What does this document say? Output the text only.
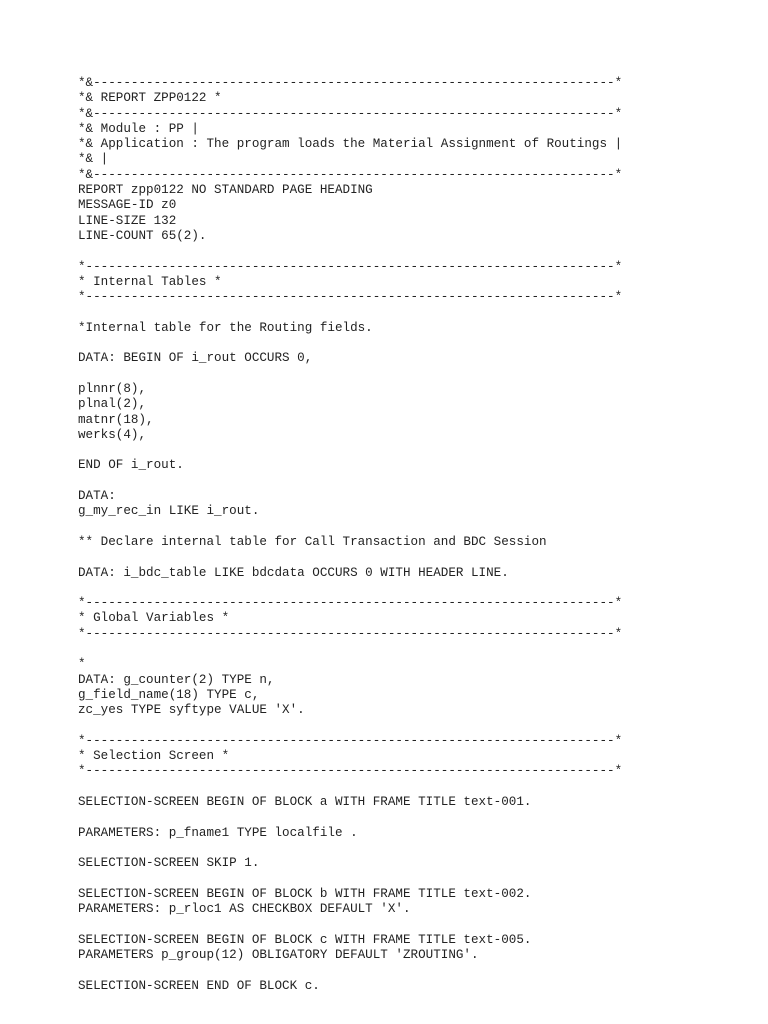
*&---------------------------------------------------------------------*
*& REPORT ZPP0122 *
*&---------------------------------------------------------------------*
*& Module : PP |
*& Application : The program loads the Material Assignment of Routings |
*& |
*&---------------------------------------------------------------------*
REPORT zpp0122 NO STANDARD PAGE HEADING
MESSAGE-ID z0
LINE-SIZE 132
LINE-COUNT 65(2).
*----------------------------------------------------------------------*
* Internal Tables *
*----------------------------------------------------------------------*
*Internal table for the Routing fields.
DATA: BEGIN OF i_rout OCCURS 0,
plnnr(8),
plnal(2),
matnr(18),
werks(4),
END OF i_rout.
DATA:
g_my_rec_in LIKE i_rout.
** Declare internal table for Call Transaction and BDC Session
DATA: i_bdc_table LIKE bdcdata OCCURS 0 WITH HEADER LINE.
*----------------------------------------------------------------------*
* Global Variables *
*----------------------------------------------------------------------*
*
DATA: g_counter(2) TYPE n,
g_field_name(18) TYPE c,
zc_yes TYPE syftype VALUE 'X'.
*----------------------------------------------------------------------*
* Selection Screen *
*----------------------------------------------------------------------*
SELECTION-SCREEN BEGIN OF BLOCK a WITH FRAME TITLE text-001.
PARAMETERS: p_fname1 TYPE localfile .
SELECTION-SCREEN SKIP 1.
SELECTION-SCREEN BEGIN OF BLOCK b WITH FRAME TITLE text-002.
PARAMETERS: p_rloc1 AS CHECKBOX DEFAULT 'X'.
SELECTION-SCREEN BEGIN OF BLOCK c WITH FRAME TITLE text-005.
PARAMETERS p_group(12) OBLIGATORY DEFAULT 'ZROUTING'.
SELECTION-SCREEN END OF BLOCK c.
